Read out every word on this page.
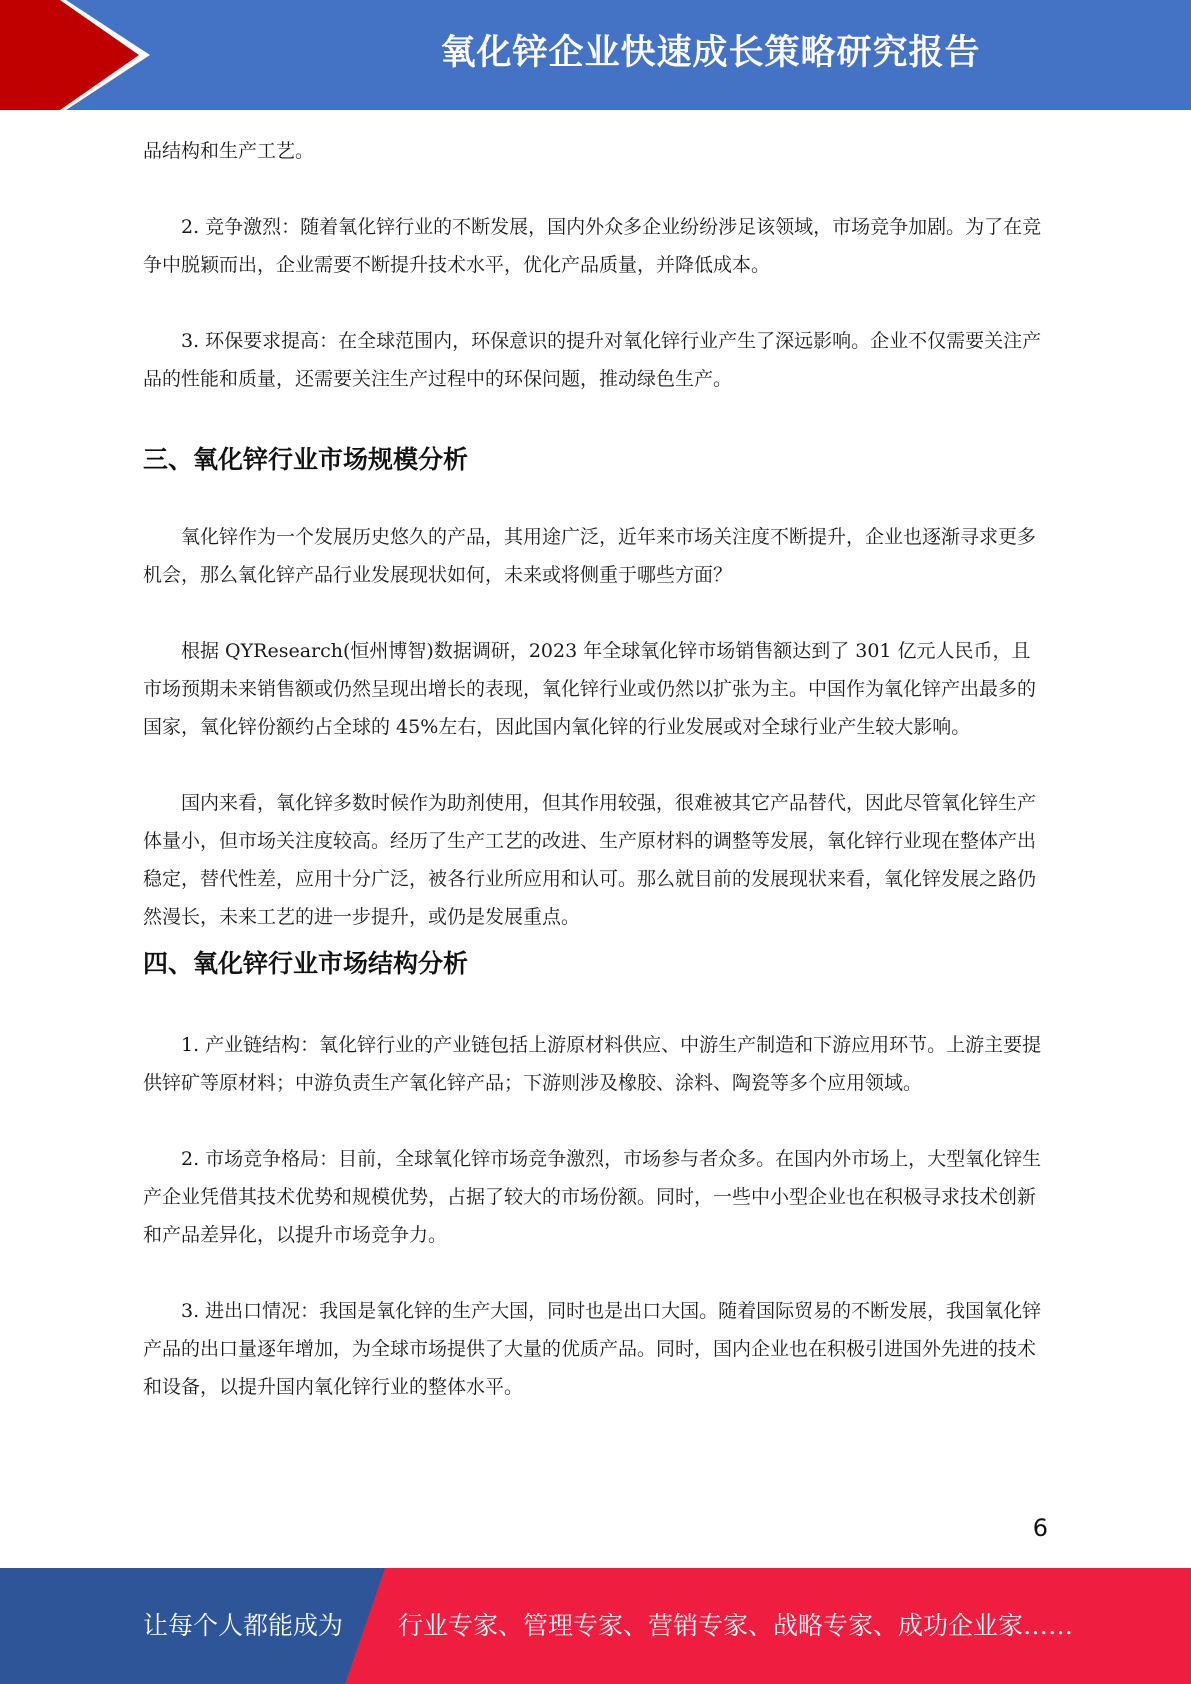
氧化锌企业快速成长策略研究报告

品结构和生产工艺。

2. 竞争激烈：随着氧化锌行业的不断发展，国内外众多企业纷纷涉足该领域，市场竞争加剧。为了在竞争中脱颖而出，企业需要不断提升技术水平，优化产品质量，并降低成本。

3. 环保要求提高：在全球范围内，环保意识的提升对氧化锌行业产生了深远影响。企业不仅需要关注产品的性能和质量，还需要关注生产过程中的环保问题，推动绿色生产。

三、氧化锌行业市场规模分析

氧化锌作为一个发展历史悠久的产品，其用途广泛，近年来市场关注度不断提升，企业也逐渐寻求更多机会，那么氧化锌产品行业发展现状如何，未来或将侧重于哪些方面？

根据 QYResearch(恒州博智)数据调研，2023 年全球氧化锌市场销售额达到了 301 亿元人民币，且市场预期未来销售额或仍然呈现出增长的表现，氧化锌行业或仍然以扩张为主。中国作为氧化锌产出最多的国家，氧化锌份额约占全球的 45%左右，因此国内氧化锌的行业发展或对全球行业产生较大影响。

国内来看，氧化锌多数时候作为助剂使用，但其作用较强，很难被其它产品替代，因此尽管氧化锌生产体量小，但市场关注度较高。经历了生产工艺的改进、生产原材料的调整等发展，氧化锌行业现在整体产出稳定，替代性差，应用十分广泛，被各行业所应用和认可。那么就目前的发展现状来看，氧化锌发展之路仍然漫长，未来工艺的进一步提升，或仍是发展重点。

四、氧化锌行业市场结构分析

1. 产业链结构：氧化锌行业的产业链包括上游原材料供应、中游生产制造和下游应用环节。上游主要提供锌矿等原材料；中游负责生产氧化锌产品；下游则涉及橡胶、涂料、陶瓷等多个应用领域。

2. 市场竞争格局：目前，全球氧化锌市场竞争激烈，市场参与者众多。在国内外市场上，大型氧化锌生产企业凭借其技术优势和规模优势，占据了较大的市场份额。同时，一些中小型企业也在积极寻求技术创新和产品差异化，以提升市场竞争力。

3. 进出口情况：我国是氧化锌的生产大国，同时也是出口大国。随着国际贸易的不断发展，我国氧化锌产品的出口量逐年增加，为全球市场提供了大量的优质产品。同时，国内企业也在积极引进国外先进的技术和设备，以提升国内氧化锌行业的整体水平。

6
让每个人都能成为 行业专家、管理专家、营销专家、战略专家、成功企业家……
